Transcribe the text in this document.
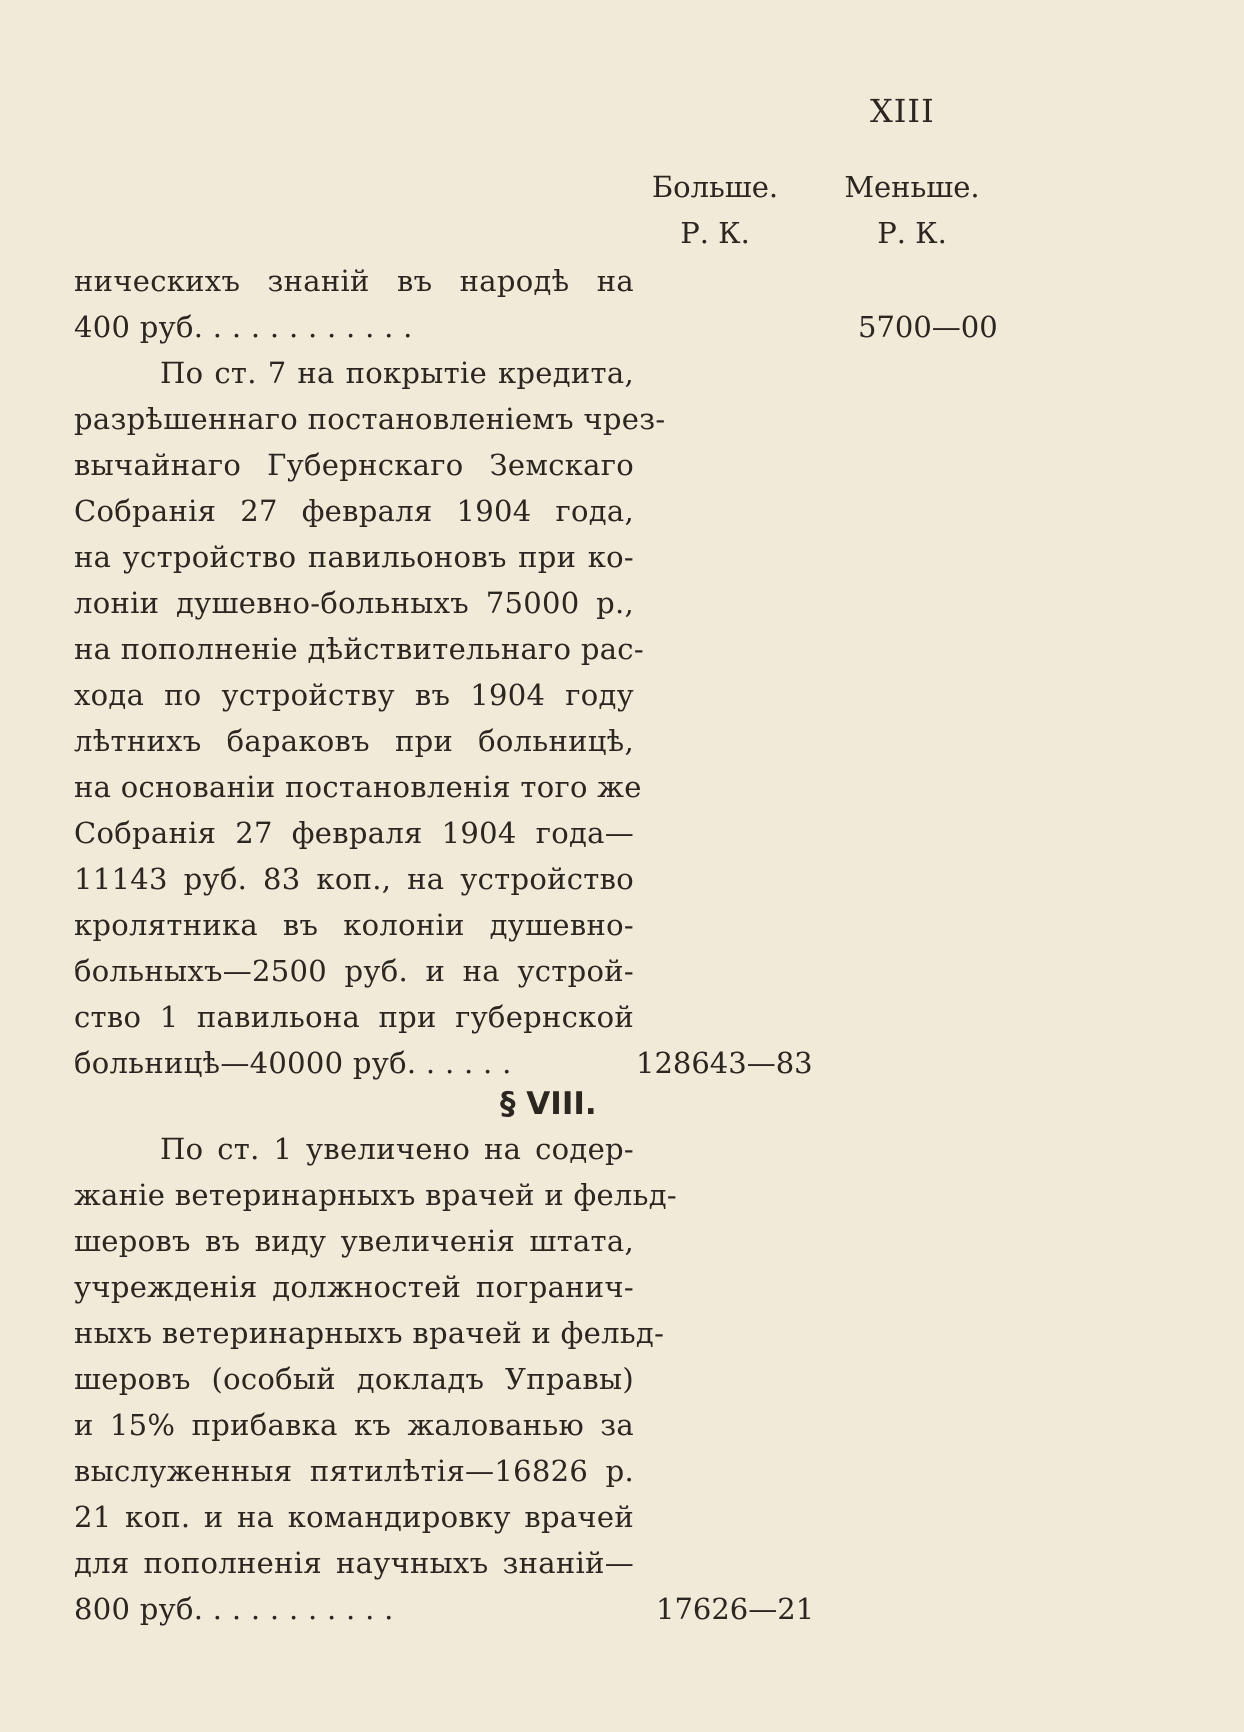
XIII
Больше.	Меньше.
Р. К.	Р. К.
ническихъ знанiй въ народѣ на
400 руб. . . . . . . . . . . .	5700—00
По ст. 7 на покрытiе кредита,
разрѣшеннаго постановленiемъ чрез-
вычайнаго Губернскаго Земскаго
Собранiя 27 февраля 1904 года,
на устройство павильоновъ при ко-
лонiи душевно-больныхъ 75000 р.,
на пополненiе дѣйствительнаго рас-
хода по устройству въ 1904 году
лѣтнихъ бараковъ при больницѣ,
на основанiи постановленiя того же
Собранiя 27 февраля 1904 года—
11143 руб. 83 коп., на устройство
кролятника въ колонiи душевно-
больныхъ—2500 руб. и на устрой-
ство 1 павильона при губернской
больницѣ—40000 руб. . . . . .	128643—83
§ VIII.
По ст. 1 увеличено на содер-
жанiе ветеринарныхъ врачей и фельд-
шеровъ въ виду увеличенiя штата,
учрежденiя должностей погранич-
ныхъ ветеринарныхъ врачей и фельд-
шеровъ (особый докладъ Управы)
и 15% прибавка къ жалованью за
выслуженныя пятилѣтiя—16826 р.
21 коп. и на командировку врачей
для пополненiя научныхъ знанiй—
800 руб. . . . . . . . . . .	17626—21
